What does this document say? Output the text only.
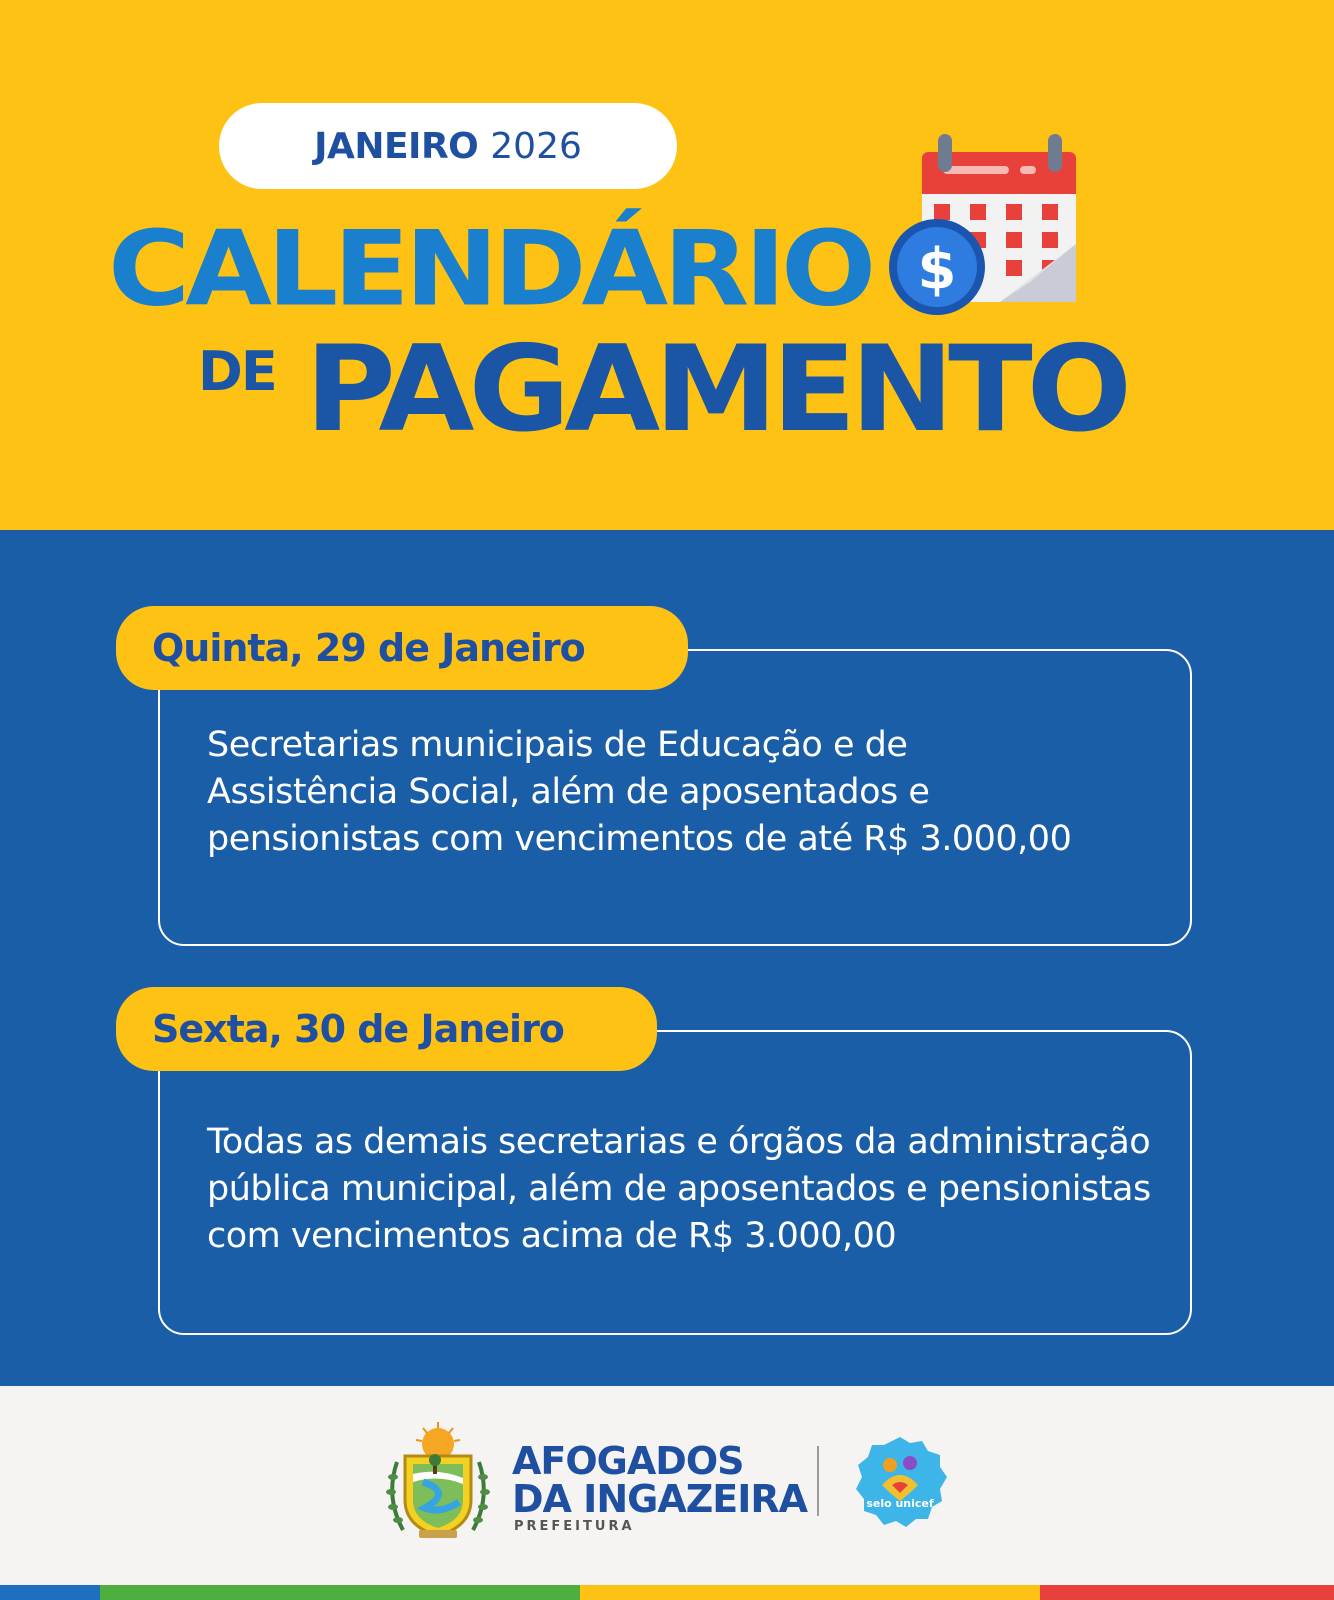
JANEIRO 2026
CALENDÁRIO
DE PAGAMENTO
$
Quinta, 29 de Janeiro
Secretarias municipais de Educação e de Assistência Social, além de aposentados e pensionistas com vencimentos de até R$ 3.000,00
Sexta, 30 de Janeiro
Todas as demais secretarias e órgãos da administração pública municipal, além de aposentados e pensionistas com vencimentos acima de R$ 3.000,00
AFOGADOS
DA INGAZEIRA
PREFEITURA
selo unicef
